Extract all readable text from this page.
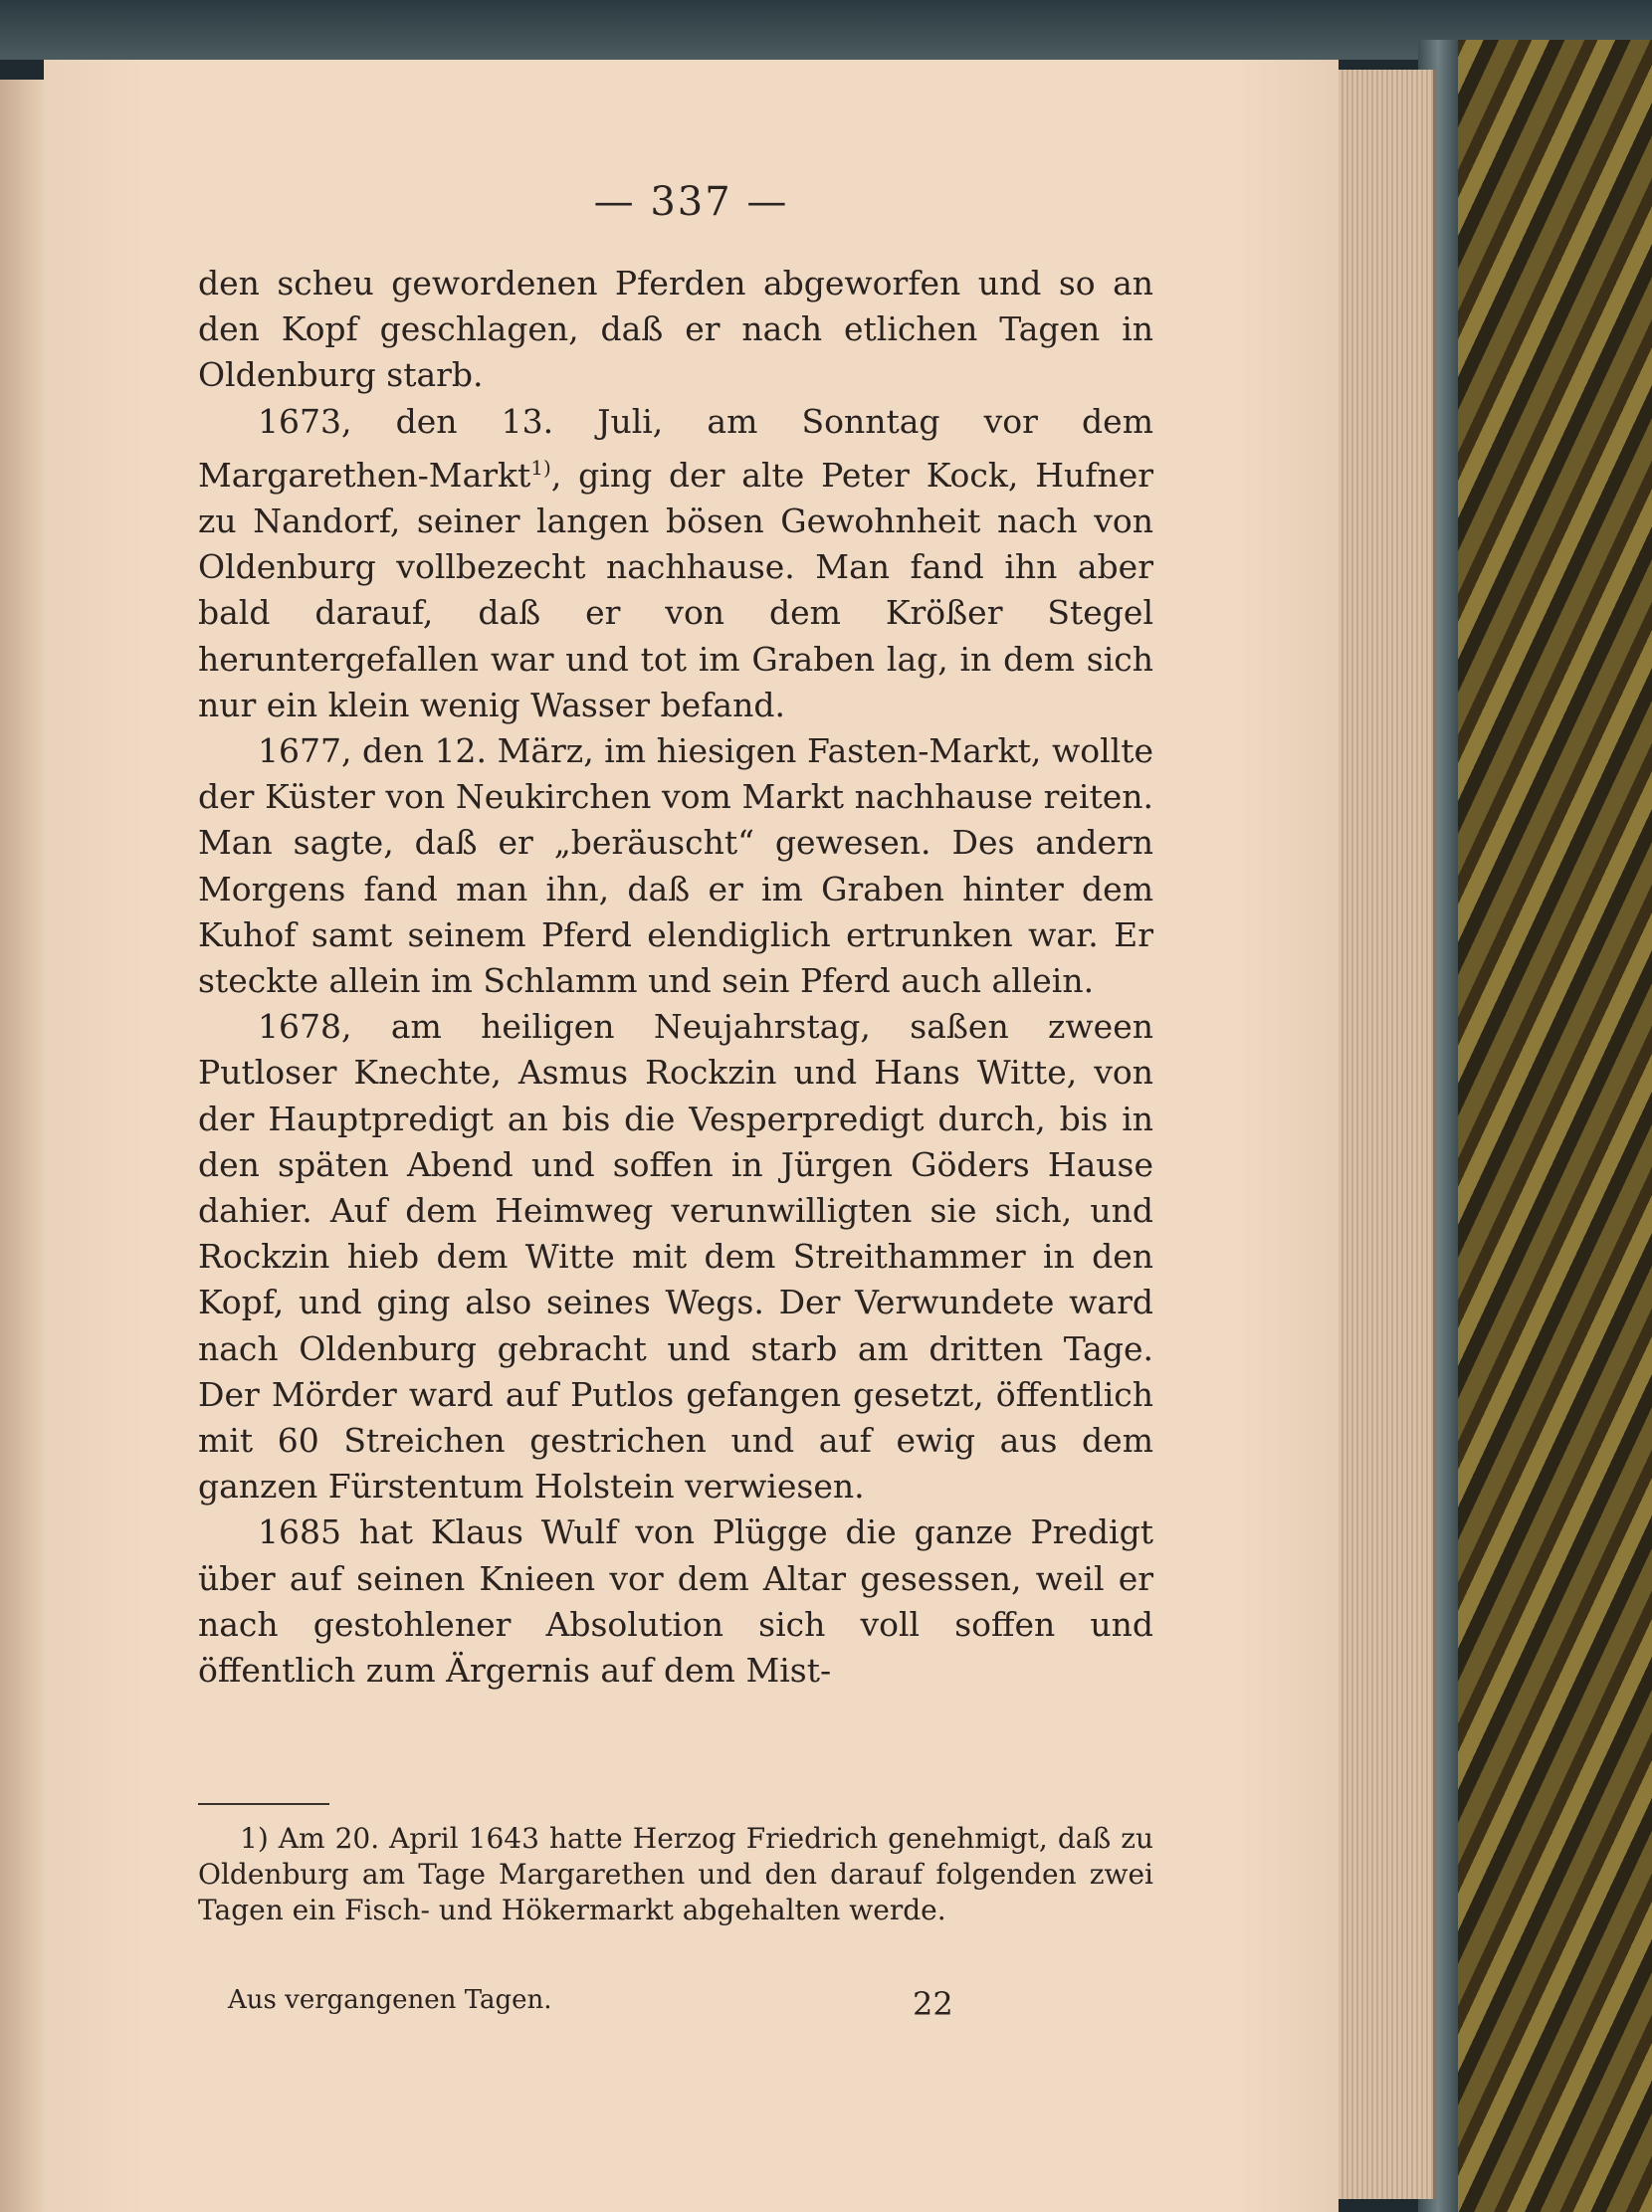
— 337 —

den scheu gewordenen Pferden abgeworfen und so an den Kopf geschlagen, daß er nach etlichen Tagen in Oldenburg starb.

1673, den 13. Juli, am Sonntag vor dem Margarethen-Markt$^{1)}$, ging der alte Peter Kock, Hufner zu Nandorf, seiner langen bösen Gewohnheit nach von Oldenburg vollbezecht nachhause. Man fand ihn aber bald darauf, daß er von dem Krößer Stegel heruntergefallen war und tot im Graben lag, in dem sich nur ein klein wenig Wasser befand.

1677, den 12. März, im hiesigen Fasten-Markt, wollte der Küster von Neukirchen vom Markt nachhause reiten. Man sagte, daß er „beräuscht“ gewesen. Des andern Morgens fand man ihn, daß er im Graben hinter dem Kuhof samt seinem Pferd elendiglich ertrunken war. Er steckte allein im Schlamm und sein Pferd auch allein.

1678, am heiligen Neujahrstag, saßen zween Putloser Knechte, Asmus Rockzin und Hans Witte, von der Hauptpredigt an bis die Vesperpredigt durch, bis in den späten Abend und soffen in Jürgen Göders Hause dahier. Auf dem Heimweg verunwilligten sie sich, und Rockzin hieb dem Witte mit dem Streithammer in den Kopf, und ging also seines Wegs. Der Verwundete ward nach Oldenburg gebracht und starb am dritten Tage. Der Mörder ward auf Putlos gefangen gesetzt, öffentlich mit 60 Streichen gestrichen und auf ewig aus dem ganzen Fürstentum Holstein verwiesen.

1685 hat Klaus Wulf von Plügge die ganze Predigt über auf seinen Knieen vor dem Altar gesessen, weil er nach gestohlener Absolution sich voll soffen und öffentlich zum Ärgernis auf dem Mist-

1) Am 20. April 1643 hatte Herzog Friedrich genehmigt, daß zu Oldenburg am Tage Margarethen und den darauf folgenden zwei Tagen ein Fisch- und Hökermarkt abgehalten werde.
Aus vergangenen Tagen.	22
